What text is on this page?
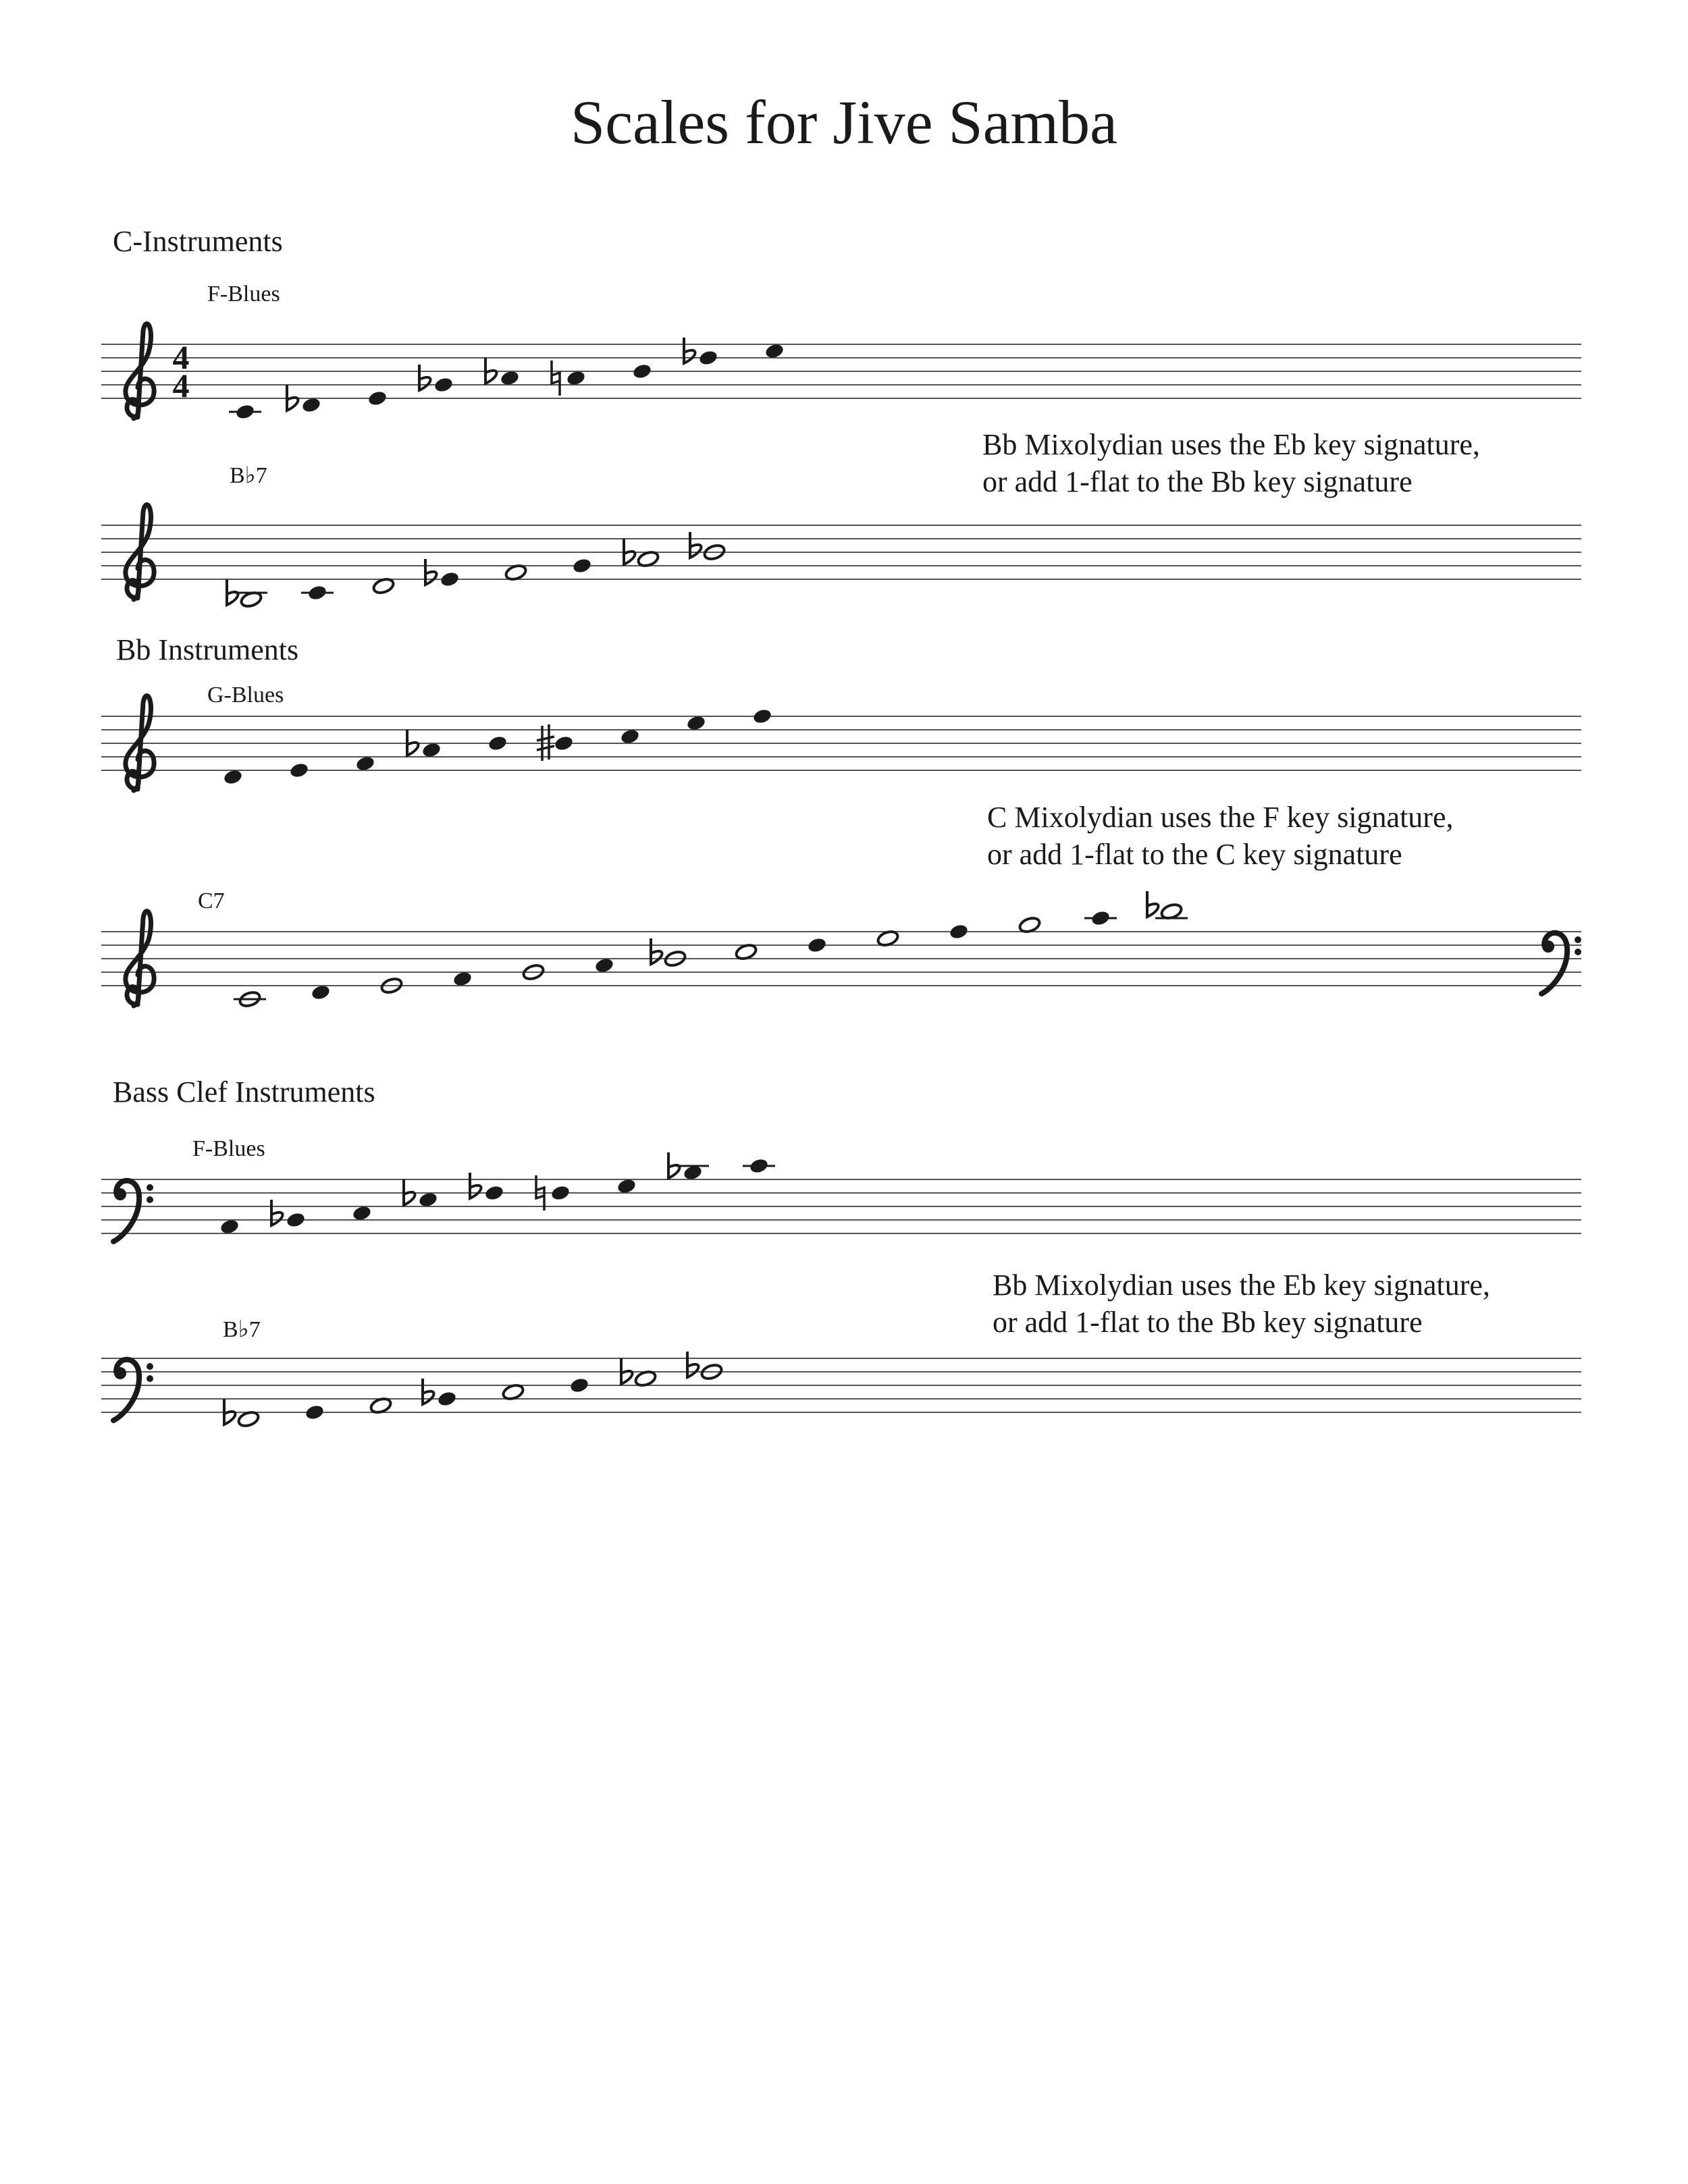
Scales for Jive Samba
C-Instruments
Bb Instruments
Bass Clef Instruments
F-Blues
B♭7
G-Blues
C7
F-Blues
B♭7
Bb Mixolydian uses the Eb key signature,
or add 1-flat to the Bb key signature
C Mixolydian uses the F key signature,
or add 1-flat to the C key signature
Bb Mixolydian uses the Eb key signature,
or add 1-flat to the Bb key signature
4
4
